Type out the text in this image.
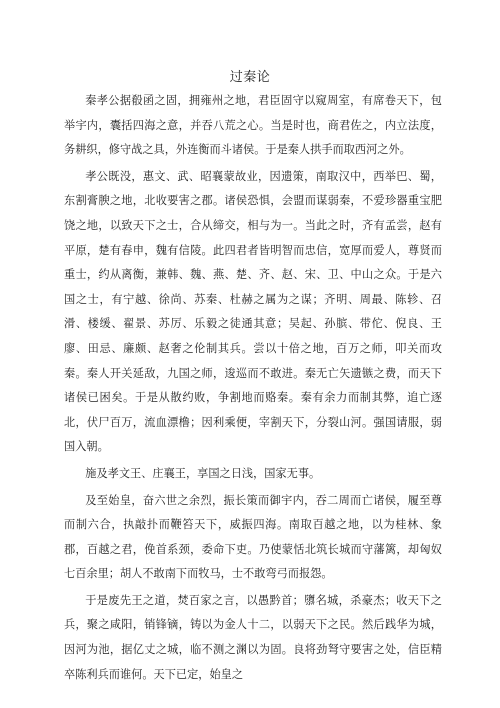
过秦论

秦孝公据殽函之固，拥雍州之地，君臣固守以窥周室，有席卷天下，包举宇内，囊括四海之意，并吞八荒之心。当是时也，商君佐之，内立法度，务耕织，修守战之具，外连衡而斗诸侯。于是秦人拱手而取西河之外。

孝公既没，惠文、武、昭襄蒙故业，因遗策，南取汉中，西举巴、蜀，东割膏腴之地，北收要害之郡。诸侯恐惧，会盟而谋弱秦，不爱珍器重宝肥饶之地，以致天下之士，合从缔交，相与为一。当此之时，齐有孟尝，赵有平原，楚有春申，魏有信陵。此四君者皆明智而忠信，宽厚而爱人，尊贤而重士，约从离衡，兼韩、魏、燕、楚、齐、赵、宋、卫、中山之众。于是六国之士，有宁越、徐尚、苏秦、杜赫之属为之谋；齐明、周最、陈轸、召滑、楼缓、翟景、苏厉、乐毅之徒通其意；吴起、孙膑、带佗、倪良、王廖、田忌、廉颇、赵奢之伦制其兵。尝以十倍之地，百万之师，叩关而攻秦。秦人开关延敌，九国之师，逡巡而不敢进。秦无亡矢遗镞之费，而天下诸侯已困矣。于是从散约败，争割地而赂秦。秦有余力而制其弊，追亡逐北，伏尸百万，流血漂橹；因利乘便，宰割天下，分裂山河。强国请服，弱国入朝。

施及孝文王、庄襄王，享国之日浅，国家无事。

及至始皇，奋六世之余烈，振长策而御宇内，吞二周而亡诸侯，履至尊而制六合，执敲扑而鞭笞天下，威振四海。南取百越之地，以为桂林、象郡，百越之君，俛首系颈，委命下吏。乃使蒙恬北筑长城而守藩篱，却匈奴七百余里；胡人不敢南下而牧马，士不敢弯弓而报怨。

于是废先王之道，焚百家之言，以愚黔首；隳名城，杀豪杰；收天下之兵，聚之咸阳，销锋镝，铸以为金人十二，以弱天下之民。然后践华为城，因河为池，据亿丈之城，临不测之渊以为固。良将劲弩守要害之处，信臣精卒陈利兵而谁何。天下已定，始皇之
